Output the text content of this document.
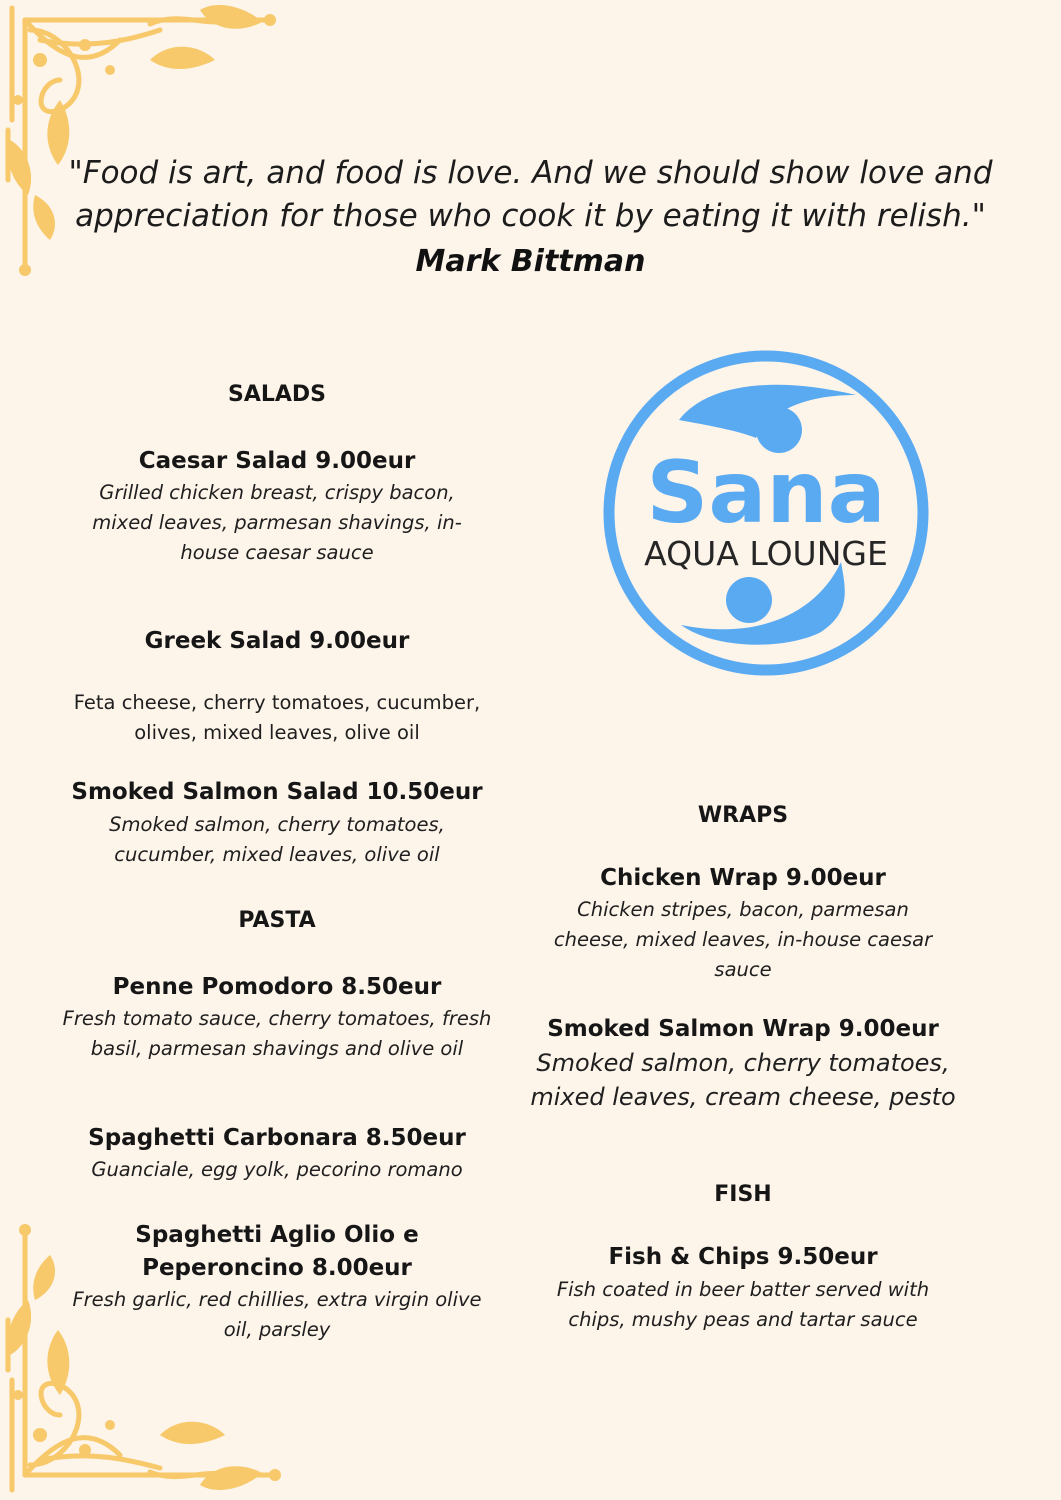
"Food is art, and food is love. And we should show love and appreciation for those who cook it by eating it with relish."
Mark Bittman
Sana
AQUA LOUNGE
SALADS
Caesar Salad 9.00eur
Grilled chicken breast, crispy bacon, mixed leaves, parmesan shavings, in-house caesar sauce
Greek Salad 9.00eur
Feta cheese, cherry tomatoes, cucumber, olives, mixed leaves, olive oil
Smoked Salmon Salad 10.50eur
Smoked salmon, cherry tomatoes, cucumber, mixed leaves, olive oil
PASTA
Penne Pomodoro 8.50eur
Fresh tomato sauce, cherry tomatoes, fresh basil, parmesan shavings and olive oil
Spaghetti Carbonara 8.50eur
Guanciale, egg yolk, pecorino romano
Spaghetti Aglio Olio e Peperoncino 8.00eur
Fresh garlic, red chillies, extra virgin olive oil, parsley
WRAPS
Chicken Wrap 9.00eur
Chicken stripes, bacon, parmesan cheese, mixed leaves, in-house caesar sauce
Smoked Salmon Wrap 9.00eur
Smoked salmon, cherry tomatoes, mixed leaves, cream cheese, pesto
FISH
Fish & Chips 9.50eur
Fish coated in beer batter served with chips, mushy peas and tartar sauce
